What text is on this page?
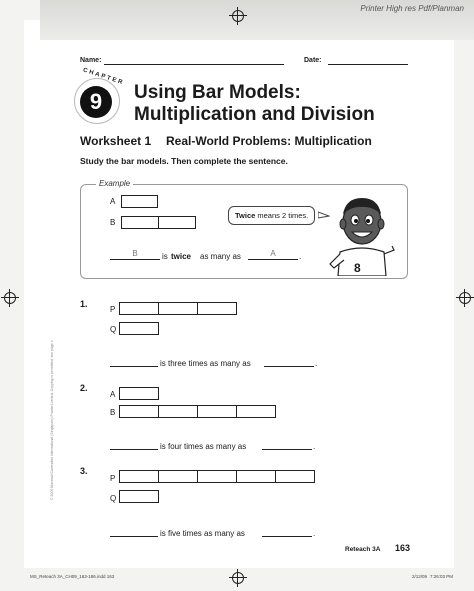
Printer High res Pdf/Planman
Name:	Date:
CHAPTER
9	Using Bar Models:
Multiplication and Division
Worksheet 1 Real-World Problems: Multiplication
Study the bar models. Then complete the sentence.
Example
A
B
Twice means 2 times.
B	is twice as many as	A	.
8
1.
P
Q
is three times as many as	.
2.
A
B
is four times as many as	.
3.
P
Q
is five times as many as	.
© 2009 Marshall Cavendish International (Singapore) Private Limited. Copying is permitted; see page ii.
Reteach 3A 163
MS_Reteach 3A_CH09_163-186.indd 163	2/12/09 7:26:03 PM
